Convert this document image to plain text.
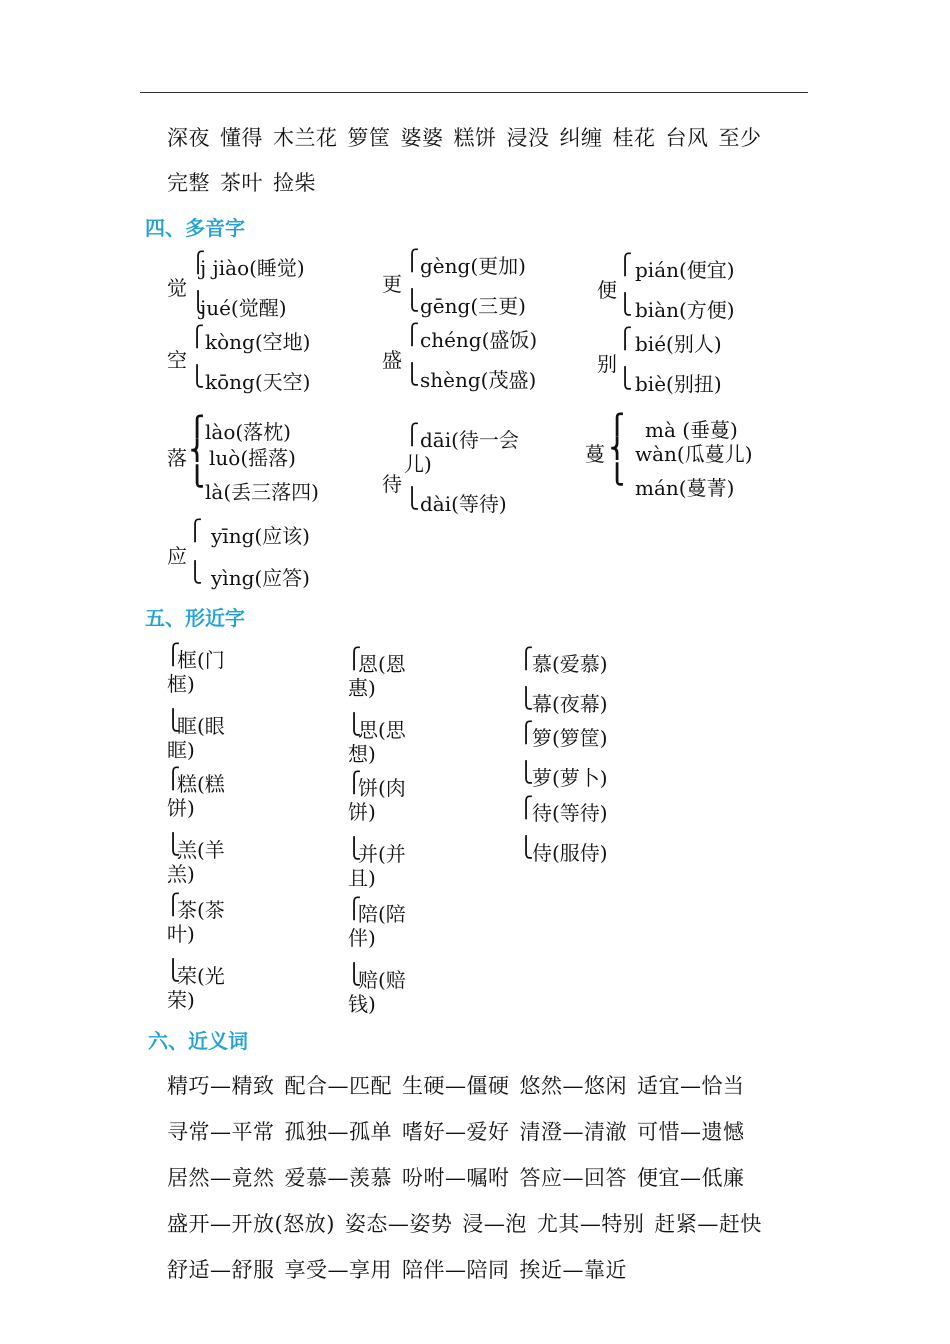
深夜 懂得 木兰花 箩筐 婆婆 糕饼 浸没 纠缠 桂花 台风 至少
完整 茶叶 捡柴
四、多音字
觉
⎧
⎩
j jiào(睡觉)
jué(觉醒)
更
⎧
⎩
gèng(更加)
gēng(三更)
便
⎧
⎩
pián(便宜)
biàn(方便)
空
⎧
⎩
kòng(空地)
kōng(天空)
盛
⎧
⎩
chéng(盛饭)
shèng(茂盛)
别
⎧
⎩
bié(别人)
biè(别扭)
落
⎧
⎨
⎩
lào(落枕)
luò(摇落)
là(丢三落四)	待
⎧
⎩
dāi(待一会
儿)
dài(等待)
蔓
⎧
⎨
⎩
mà (垂蔓)
wàn(瓜蔓儿)
mán(蔓菁)
应
⎧
⎩
yīng(应该)
yìng(应答)
五、形近字
⎧
框(门
框)
⎩
眶(眼
眶)
⎧
恩(恩
惠)
⎩
思(思
想)
⎧ 慕(爱慕)
⎩ 幕(夜幕)
⎧
糕(糕
饼)
⎩
羔(羊
羔)
⎧
饼(肉
饼)
⎩
并(并
且)
⎧ 箩(箩筐)
⎩ 萝(萝卜)
⎧
茶(茶
叶)
⎩
荣(光
荣)
⎧
陪(陪
伴)
⎩
赔(赔
钱)
⎧ 待(等待)
⎩ 侍(服侍)
六、近义词
精巧—精致 配合—匹配 生硬—僵硬 悠然—悠闲 适宜—恰当
寻常—平常 孤独—孤单 嗜好—爱好 清澄—清澈 可惜—遗憾
居然—竟然 爱慕—羡慕 吩咐—嘱咐 答应—回答 便宜—低廉
盛开—开放(怒放) 姿态—姿势 浸—泡 尤其—特别 赶紧—赶快
舒适—舒服 享受—享用 陪伴—陪同 挨近—靠近
